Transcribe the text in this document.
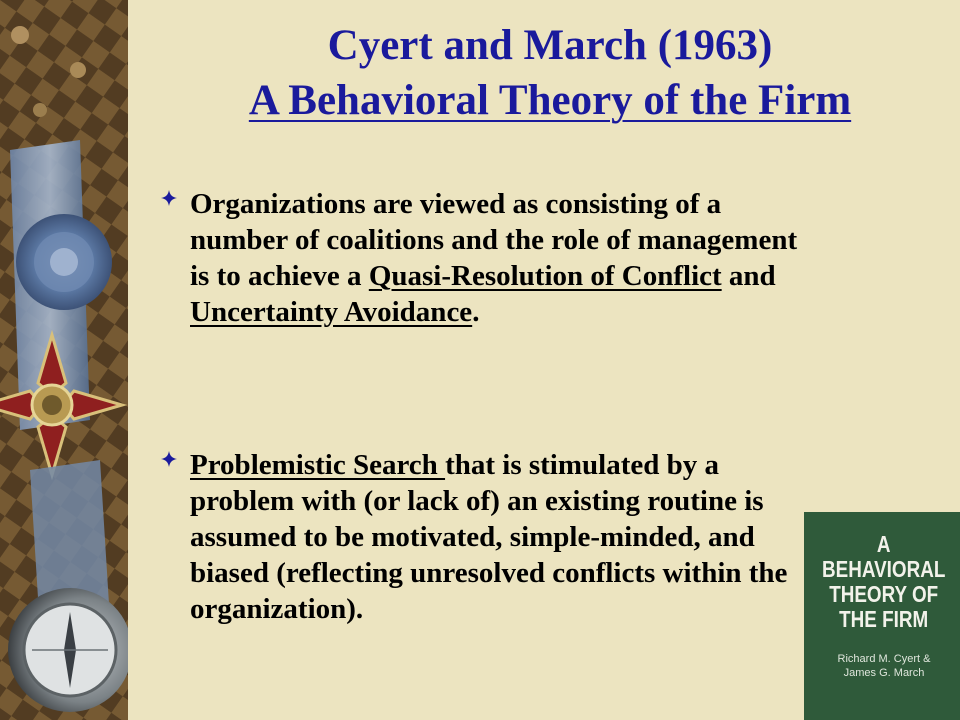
Cyert and March (1963)
A Behavioral Theory of the Firm
Organizations are viewed as consisting of a number of coalitions and the role of management is to achieve a Quasi-Resolution of Conflict and Uncertainty Avoidance.
Problemistic Search that is stimulated by a problem with (or lack of) an existing routine is assumed to be motivated, simple-minded, and biased (reflecting unresolved conflicts within the organization).
A
BEHAVIORAL
THEORY OF
THE FIRM
Richard M. Cyert &
James G. March
